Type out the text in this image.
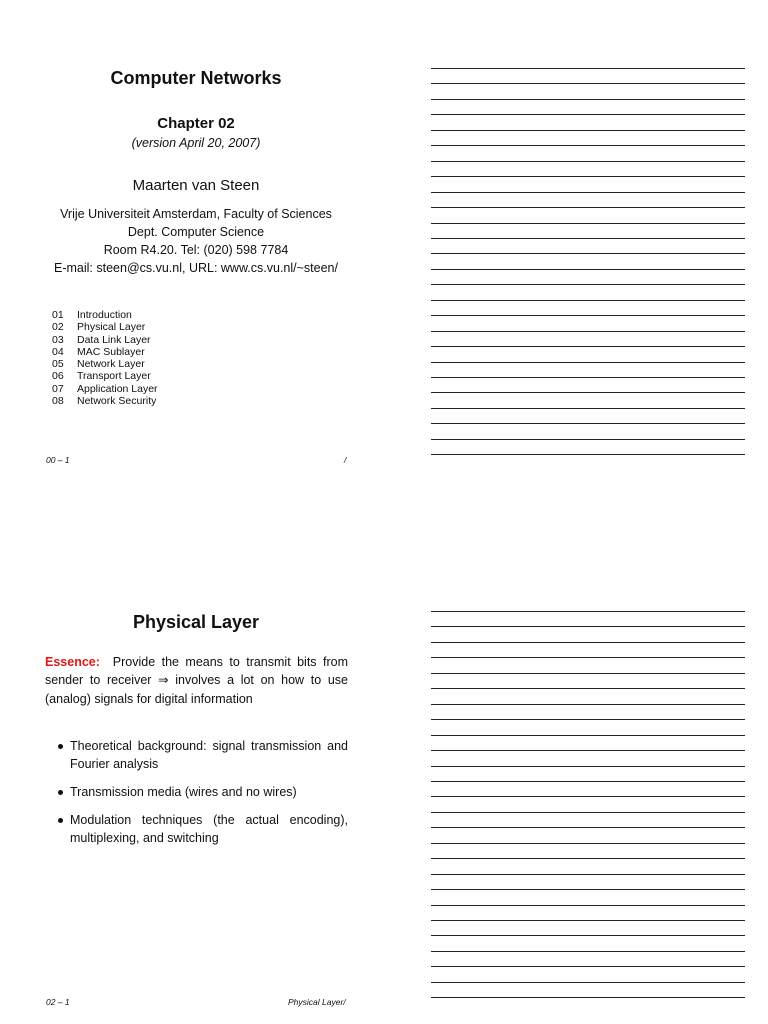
Computer Networks
Chapter 02
(version April 20, 2007)
Maarten van Steen
Vrije Universiteit Amsterdam, Faculty of Sciences
Dept. Computer Science
Room R4.20. Tel: (020) 598 7784
E-mail: steen@cs.vu.nl, URL: www.cs.vu.nl/~steen/
01	Introduction
02	Physical Layer
03	Data Link Layer
04	MAC Sublayer
05	Network Layer
06	Transport Layer
07	Application Layer
08	Network Security
00 – 1	/
Physical Layer
Essence: Provide the means to transmit bits from sender to receiver ⇒ involves a lot on how to use (analog) signals for digital information
Theoretical background: signal transmission and Fourier analysis
Transmission media (wires and no wires)
Modulation techniques (the actual encoding), multiplexing, and switching
02 – 1	Physical Layer/
